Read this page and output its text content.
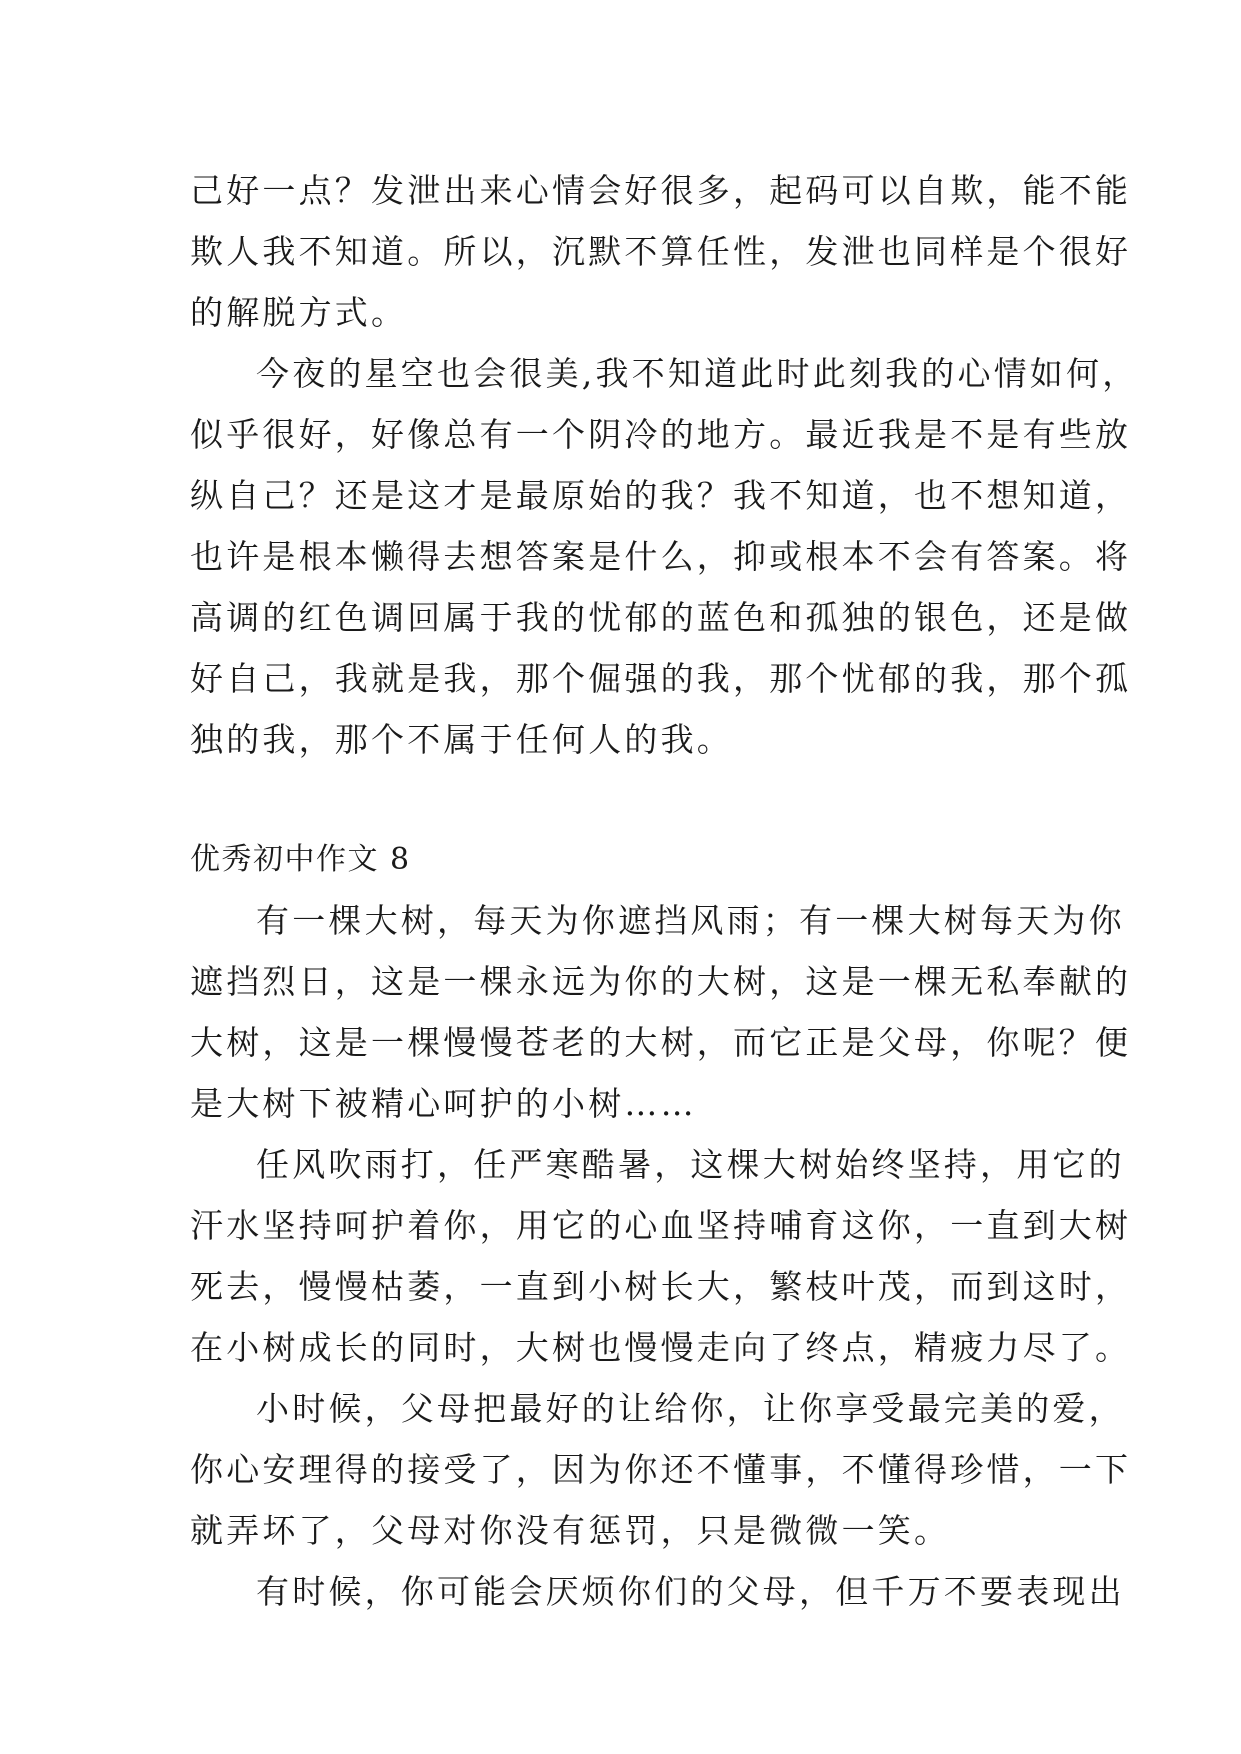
己好一点？发泄出来心情会好很多，起码可以自欺，能不能
欺人我不知道。所以，沉默不算任性，发泄也同样是个很好
的解脱方式。
今夜的星空也会很美,我不知道此时此刻我的心情如何，
似乎很好，好像总有一个阴冷的地方。最近我是不是有些放
纵自己？还是这才是最原始的我？我不知道，也不想知道，
也许是根本懒得去想答案是什么，抑或根本不会有答案。将
高调的红色调回属于我的忧郁的蓝色和孤独的银色，还是做
好自己，我就是我，那个倔强的我，那个忧郁的我，那个孤
独的我，那个不属于任何人的我。
优秀初中作文 8
有一棵大树，每天为你遮挡风雨；有一棵大树每天为你
遮挡烈日，这是一棵永远为你的大树，这是一棵无私奉献的
大树，这是一棵慢慢苍老的大树，而它正是父母，你呢？便
是大树下被精心呵护的小树……
任风吹雨打，任严寒酷暑，这棵大树始终坚持，用它的
汗水坚持呵护着你，用它的心血坚持哺育这你，一直到大树
死去，慢慢枯萎，一直到小树长大，繁枝叶茂，而到这时，
在小树成长的同时，大树也慢慢走向了终点，精疲力尽了。
小时候，父母把最好的让给你，让你享受最完美的爱，
你心安理得的接受了，因为你还不懂事，不懂得珍惜，一下
就弄坏了，父母对你没有惩罚，只是微微一笑。
有时候，你可能会厌烦你们的父母，但千万不要表现出
